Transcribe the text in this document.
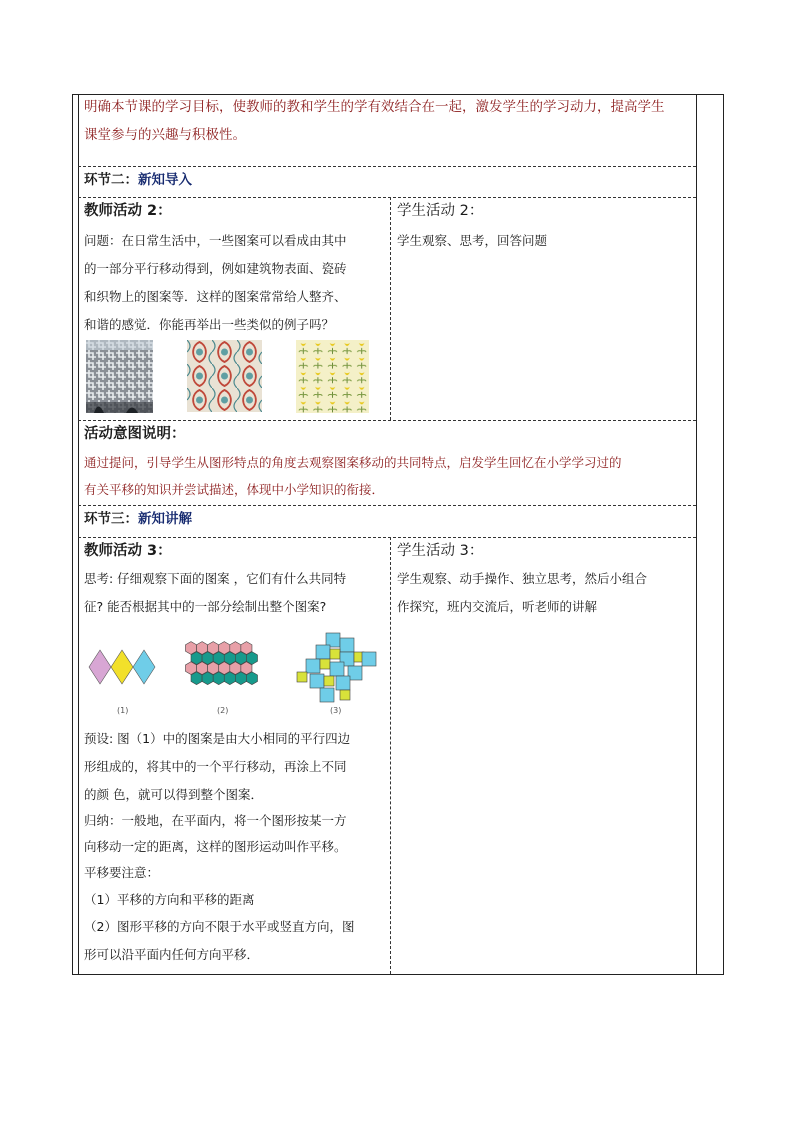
明确本节课的学习目标，使教师的教和学生的学有效结合在一起，激发学生的学习动力，提高学生
课堂参与的兴趣与积极性。
环节二：新知导入
教师活动 2：
问题：在日常生活中，一些图案可以看成由其中
的一部分平行移动得到，例如建筑物表面、瓷砖
和织物上的图案等．这样的图案常常给人整齐、
和谐的感觉．你能再举出一些类似的例子吗？
学生活动 2：
学生观察、思考，回答问题
活动意图说明：
通过提问，引导学生从图形特点的角度去观察图案移动的共同特点，启发学生回忆在小学学习过的
有关平移的知识并尝试描述，体现中小学知识的衔接．
环节三：新知讲解
教师活动 3：
思考: 仔细观察下面的图案 ，它们有什么共同特
征? 能否根据其中的一部分绘制出整个图案?
(1)	(2)	(3)
预设: 图（1）中的图案是由大小相同的平行四边
形组成的，将其中的一个平行移动，再涂上不同
的颜 色，就可以得到整个图案．
归纳：一般地，在平面内，将一个图形按某一方
向移动一定的距离，这样的图形运动叫作平移。
平移要注意：
（1）平移的方向和平移的距离
（2）图形平移的方向不限于水平或竖直方向，图
形可以沿平面内任何方向平移．
学生活动 3：
学生观察、动手操作、独立思考，然后小组合
作探究，班内交流后，听老师的讲解
